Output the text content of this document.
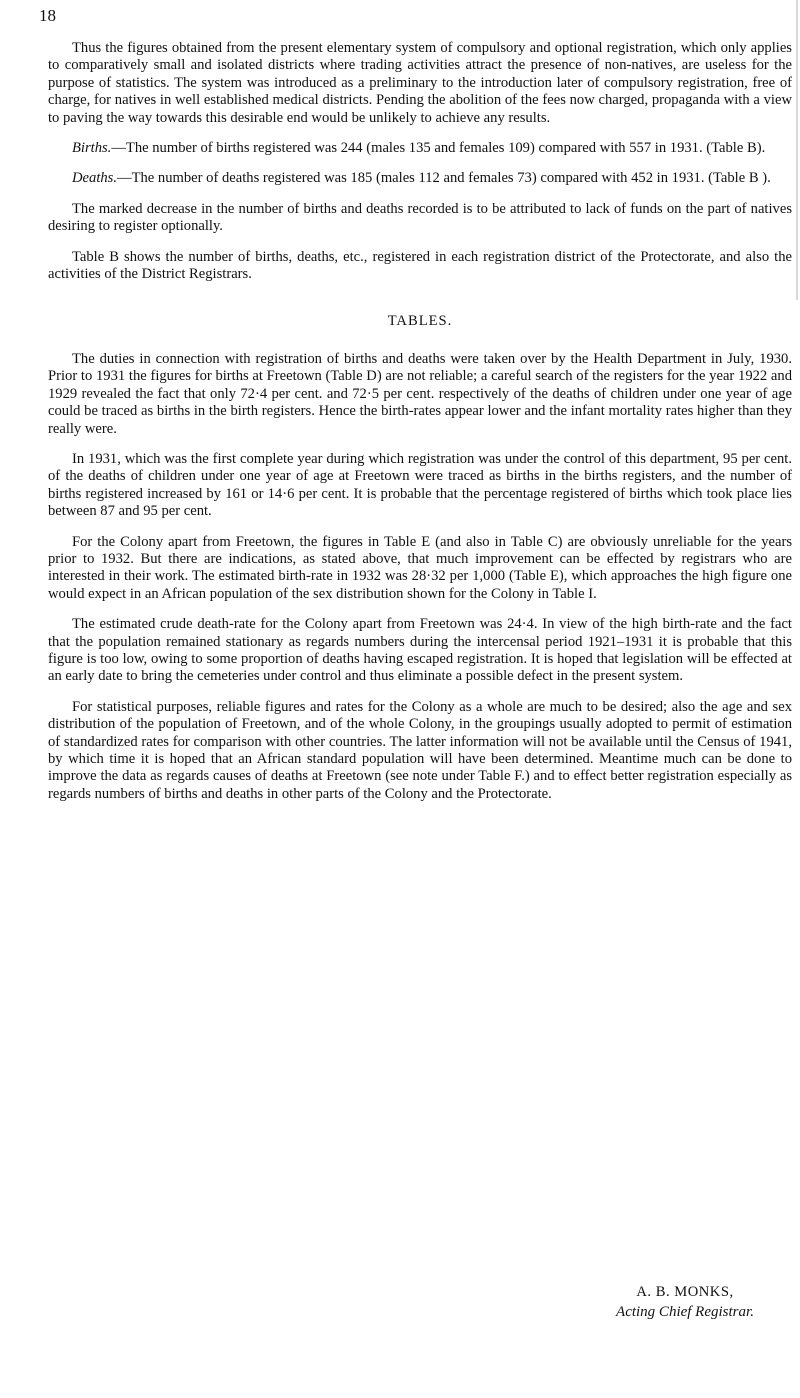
18

Thus the figures obtained from the present elementary system of compulsory and optional registration, which only applies to comparatively small and isolated districts where trading activities attract the presence of non-natives, are useless for the purpose of statistics. The system was introduced as a preliminary to the introduction later of compulsory registration, free of charge, for natives in well established medical districts. Pending the abolition of the fees now charged, propaganda with a view to paving the way towards this desirable end would be unlikely to achieve any results.

Births.—The number of births registered was 244 (males 135 and females 109) compared with 557 in 1931. (Table B).

Deaths.—The number of deaths registered was 185 (males 112 and females 73) compared with 452 in 1931. (Table B ).

The marked decrease in the number of births and deaths recorded is to be attributed to lack of funds on the part of natives desiring to register optionally.

Table B shows the number of births, deaths, etc., registered in each registration district of the Protectorate, and also the activities of the District Registrars.

TABLES.

The duties in connection with registration of births and deaths were taken over by the Health Department in July, 1930. Prior to 1931 the figures for births at Freetown (Table D) are not reliable; a careful search of the registers for the year 1922 and 1929 revealed the fact that only 72·4 per cent. and 72·5 per cent. respectively of the deaths of children under one year of age could be traced as births in the birth registers. Hence the birth-rates appear lower and the infant mortality rates higher than they really were.

In 1931, which was the first complete year during which registration was under the control of this department, 95 per cent. of the deaths of children under one year of age at Freetown were traced as births in the births registers, and the number of births registered increased by 161 or 14·6 per cent. It is probable that the percentage registered of births which took place lies between 87 and 95 per cent.

For the Colony apart from Freetown, the figures in Table E (and also in Table C) are obviously unreliable for the years prior to 1932. But there are indications, as stated above, that much improvement can be effected by registrars who are interested in their work. The estimated birth-rate in 1932 was 28·32 per 1,000 (Table E), which approaches the high figure one would expect in an African population of the sex distribution shown for the Colony in Table I.

The estimated crude death-rate for the Colony apart from Freetown was 24·4. In view of the high birth-rate and the fact that the population remained stationary as regards numbers during the intercensal period 1921–1931 it is probable that this figure is too low, owing to some proportion of deaths having escaped registration. It is hoped that legislation will be effected at an early date to bring the cemeteries under control and thus eliminate a possible defect in the present system.

For statistical purposes, reliable figures and rates for the Colony as a whole are much to be desired; also the age and sex distribution of the population of Freetown, and of the whole Colony, in the groupings usually adopted to permit of estimation of standardized rates for comparison with other countries. The latter information will not be available until the Census of 1941, by which time it is hoped that an African standard population will have been determined. Meantime much can be done to improve the data as regards causes of deaths at Freetown (see note under Table F.) and to effect better registration especially as regards numbers of births and deaths in other parts of the Colony and the Protectorate.

A. B. MONKS,
Acting Chief Registrar.
